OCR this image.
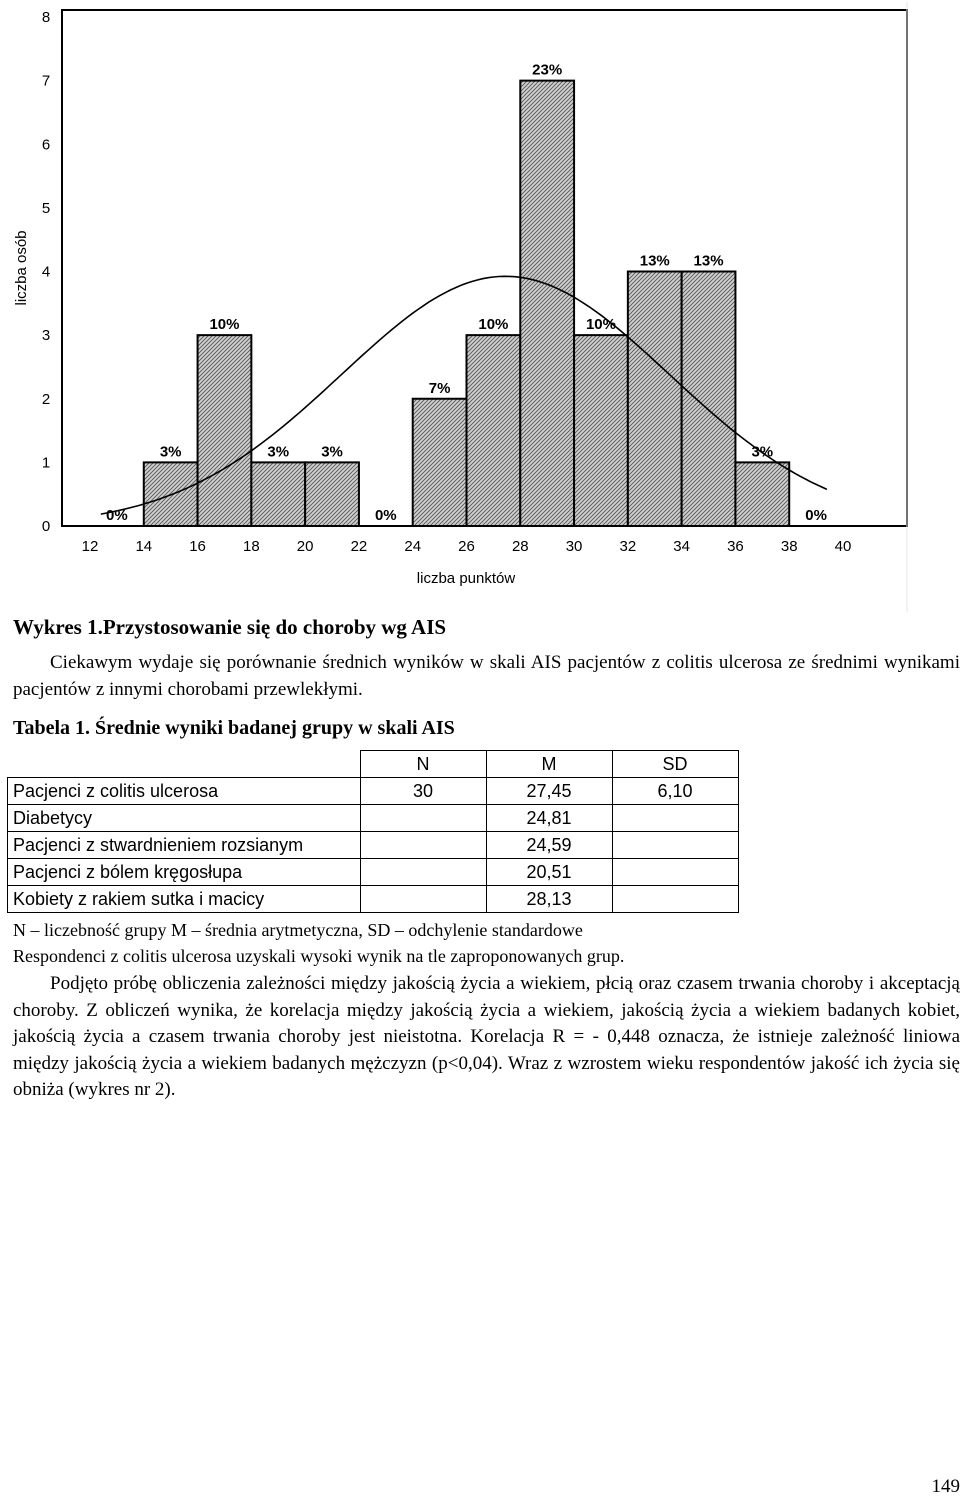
0%
3%
10%
3% 3%
0%
7%
10%
23%
10%
13% 13%
3%
0%
0
1
2
3
4
5
6
7
8
12 14 16 18 20 22 24 26 28 30 32 34 36 38 40
liczba punktów
liczba osób
Wykres 1.Przystosowanie się do choroby wg AIS

Ciekawym wydaje się porównanie średnich wyników w skali AIS pacjentów z colitis ulcerosa ze średnimi wynikami pacjentów z innymi chorobami przewlekłymi.

Tabela 1. Średnie wyniki badanej grupy w skali AIS
	N	M	SD
Pacjenci z colitis ulcerosa	30	27,45	6,10
Diabetycy		24,81	
Pacjenci z stwardnieniem rozsianym		24,59	
Pacjenci z bólem kręgosłupa		20,51	
Kobiety z rakiem sutka i macicy		28,13	
N – liczebność grupy M – średnia arytmetyczna, SD – odchylenie standardowe
Respondenci z colitis ulcerosa uzyskali wysoki wynik na tle zaproponowanych grup.

Podjęto próbę obliczenia zależności między jakością życia a wiekiem, płcią oraz czasem trwania choroby i akceptacją choroby. Z obliczeń wynika, że korelacja między jakością życia a wiekiem, jakością życia a wiekiem badanych kobiet, jakością życia a czasem trwania choroby jest nieistotna. Korelacja R = - 0,448 oznacza, że istnieje zależność liniowa między jakością życia a wiekiem badanych mężczyzn (p<0,04). Wraz z wzrostem wieku respondentów jakość ich życia się obniża (wykres nr 2).

149
